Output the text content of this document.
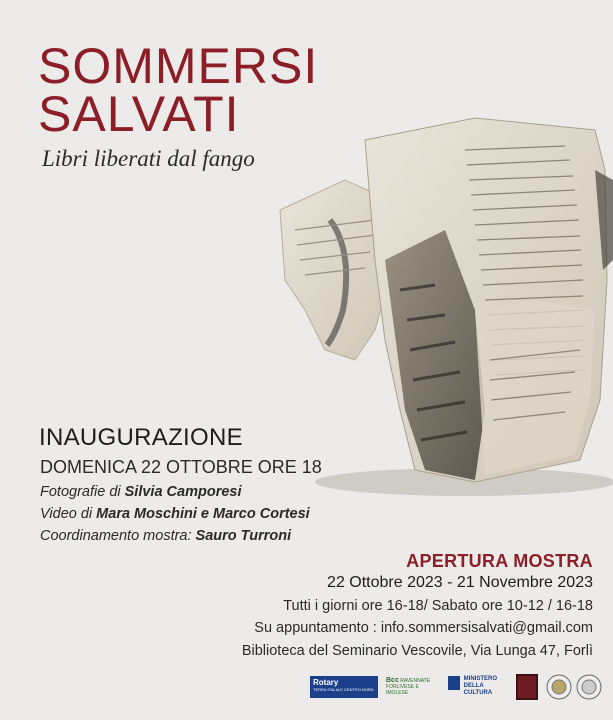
SOMMERSI
SALVATI
Libri liberati dal fango
INAUGURAZIONE
DOMENICA 22 OTTOBRE ORE 18
Fotografie di Silvia Camporesi
Video di Mara Moschini e Marco Cortesi
Coordinamento mostra: Sauro Turroni
APERTURA MOSTRA
22 Ottobre 2023 - 21 Novembre 2023
Tutti i giorni ore 16-18/ Sabato ore 10-12 / 16-18
Su appuntamento : info.sommersisalvati@gmail.com
Biblioteca del Seminario Vescovile, Via Lunga 47, Forlì
Rotary
TERRA ITALIA E CENTRO NORD
Bcc RAVENNATE FORLIVESE E IMOLESE
MINISTERO DELLA CULTURA
